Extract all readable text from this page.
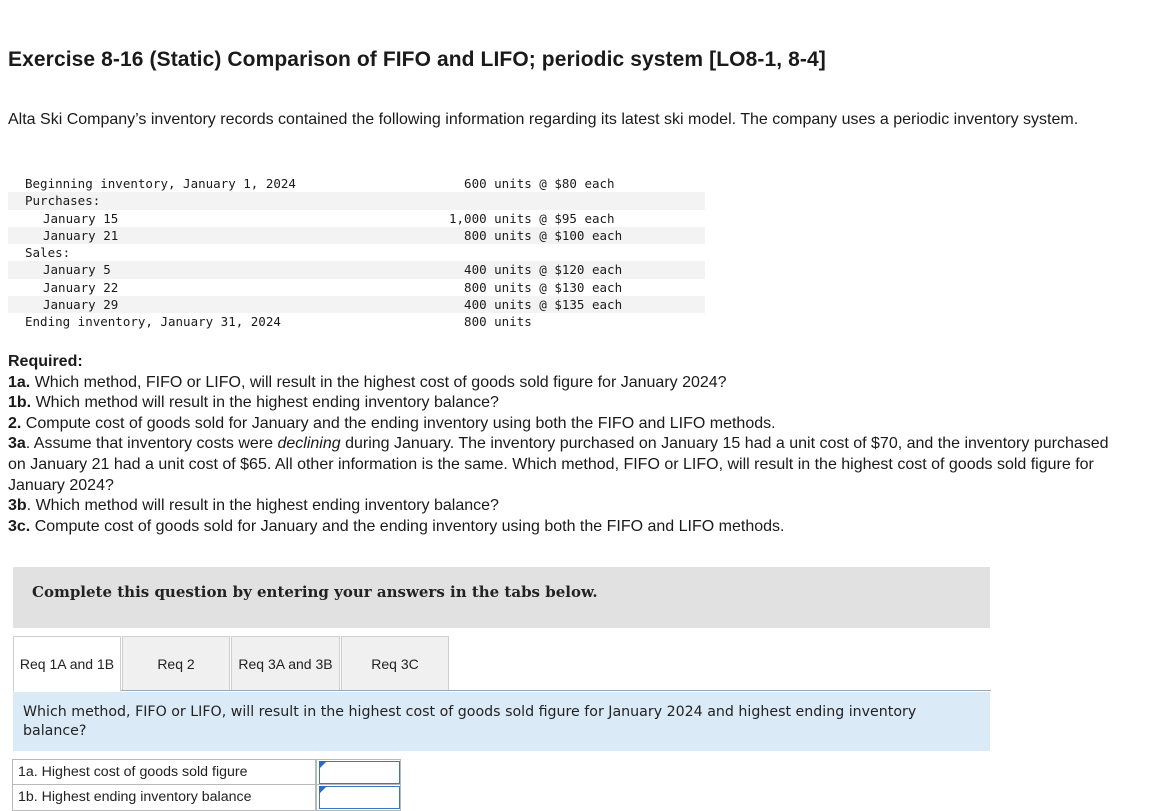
Exercise 8-16 (Static) Comparison of FIFO and LIFO; periodic system [LO8-1, 8-4]
Alta Ski Company’s inventory records contained the following information regarding its latest ski model. The company uses a periodic inventory system.
Beginning inventory, January 1, 2024	600 units @ $80 each
Purchases:
January 15	1,000 units @ $95 each
January 21	800 units @ $100 each
Sales:
January 5	400 units @ $120 each
January 22	800 units @ $130 each
January 29	400 units @ $135 each
Ending inventory, January 31, 2024	800 units

Required:

1a. Which method, FIFO or LIFO, will result in the highest cost of goods sold figure for January 2024?

1b. Which method will result in the highest ending inventory balance?

2. Compute cost of goods sold for January and the ending inventory using both the FIFO and LIFO methods.

3a. Assume that inventory costs were declining during January. The inventory purchased on January 15 had a unit cost of $70, and the inventory purchased on January 21 had a unit cost of $65. All other information is the same. Which method, FIFO or LIFO, will result in the highest cost of goods sold figure for January 2024?

3b. Which method will result in the highest ending inventory balance?

3c. Compute cost of goods sold for January and the ending inventory using both the FIFO and LIFO methods.

Complete this question by entering your answers in the tabs below.
Req 1A and 1B	Req 2	Req 3A and 3B	Req 3C
Which method, FIFO or LIFO, will result in the highest cost of goods sold figure for January 2024 and highest ending inventory balance?
1a. Highest cost of goods sold figure
1b. Highest ending inventory balance
